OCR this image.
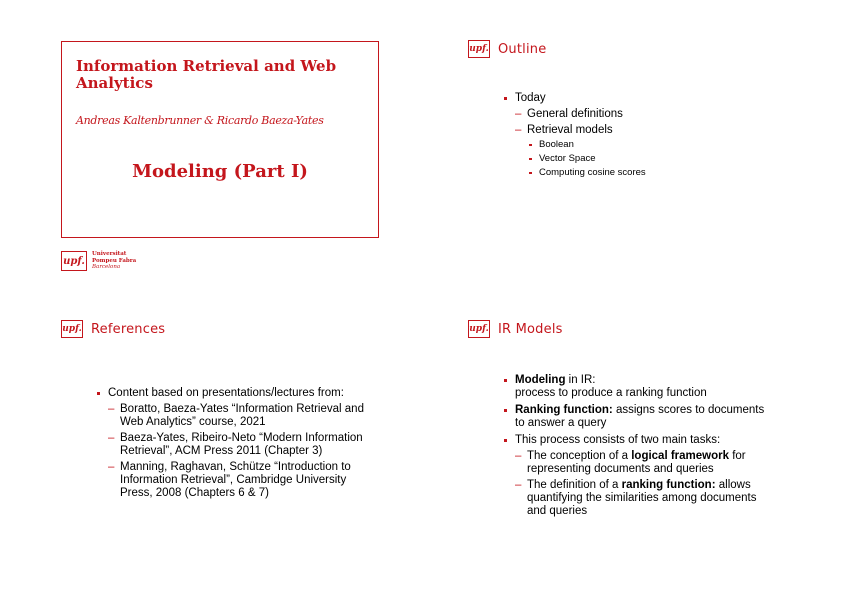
Information Retrieval and Web Analytics
Andreas Kaltenbrunner & Ricardo Baeza-Yates
Modeling (Part I)
upf.
Universitat
Pompeu Fabra
Barcelona
upf. Outline
Today
– General definitions
– Retrieval models
Boolean
Vector Space
Computing cosine scores
upf. References
Content based on presentations/lectures from:
– Boratto, Baeza-Yates “Information Retrieval and Web Analytics” course, 2021
– Baeza-Yates, Ribeiro-Neto “Modern Information Retrieval”, ACM Press 2011 (Chapter 3)
– Manning, Raghavan, Schütze “Introduction to Information Retrieval”, Cambridge University Press, 2008 (Chapters 6 & 7)
upf. IR Models
Modeling in IR:
process to produce a ranking function
Ranking function: assigns scores to documents to answer a query
This process consists of two main tasks:
– The conception of a logical framework for representing documents and queries
– The definition of a ranking function: allows quantifying the similarities among documents and queries
